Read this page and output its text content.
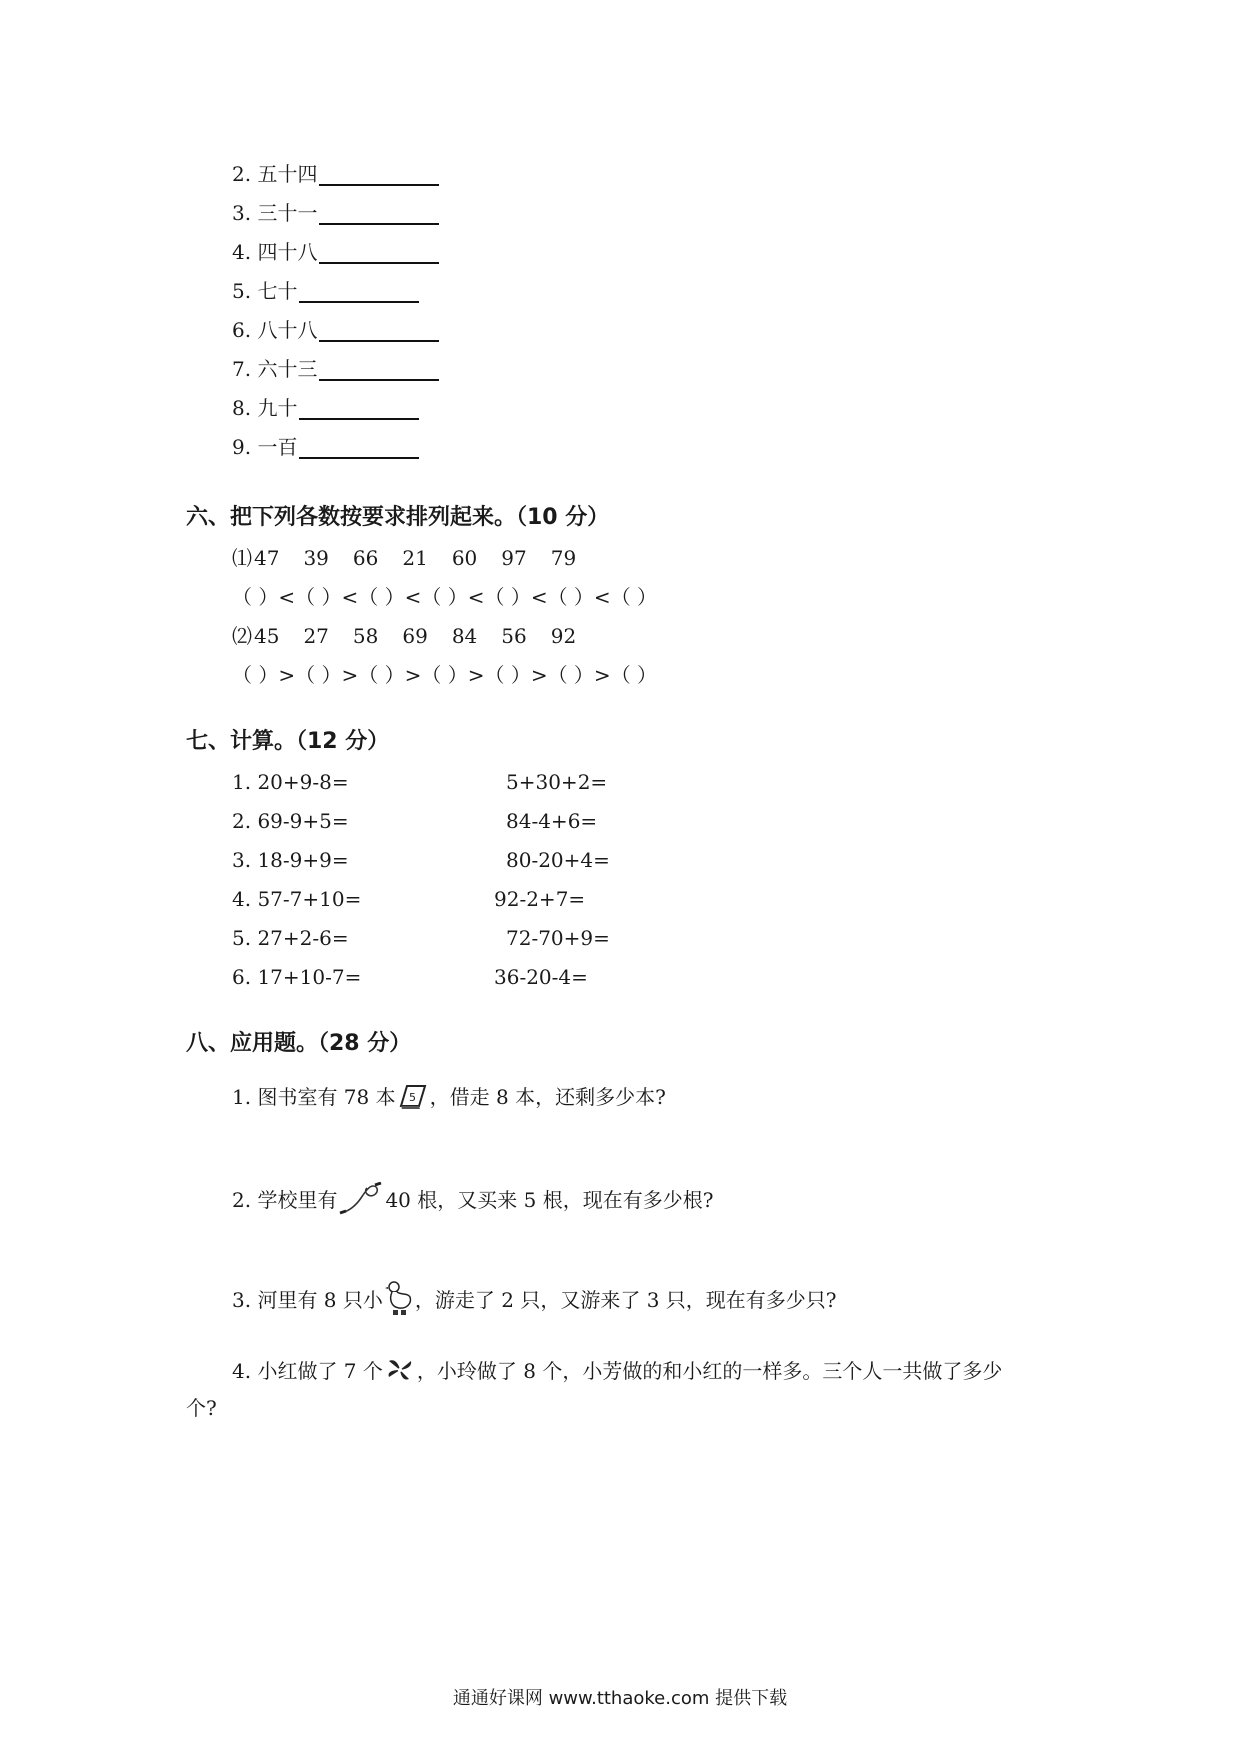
2. 五十四
3. 三十一
4. 四十八
5. 七十
6. 八十八
7. 六十三
8. 九十
9. 一百
六、把下列各数按要求排列起来。（10 分）
⑴ 47 39 66 21 60 97 79
（ ）<（ ）<（ ）<（ ）<（ ）<（ ）<（ ）
⑵ 45 27 58 69 84 56 92
（ ）>（ ）>（ ）>（ ）>（ ）>（ ）>（ ）
七、计算。（12 分）
1. 20+9-8=	5+30+2=
2. 69-9+5=	84-4+6=
3. 18-9+9=	80-20+4=
4. 57-7+10=	92-2+7=
5. 27+2-6=	72-70+9=
6. 17+10-7=	36-20-4=
八、应用题。（28 分）
1. 图书室有 78 本 5 ，借走 8 本，还剩多少本?
2. 学校里有 40 根，又买来 5 根，现在有多少根?
3. 河里有 8 只小 ，游走了 2 只，又游来了 3 只，现在有多少只?
4. 小红做了 7 个 ，小玲做了 8 个，小芳做的和小红的一样多。三个人一共做了多少
个?
通通好课网 www.tthaoke.com 提供下载
